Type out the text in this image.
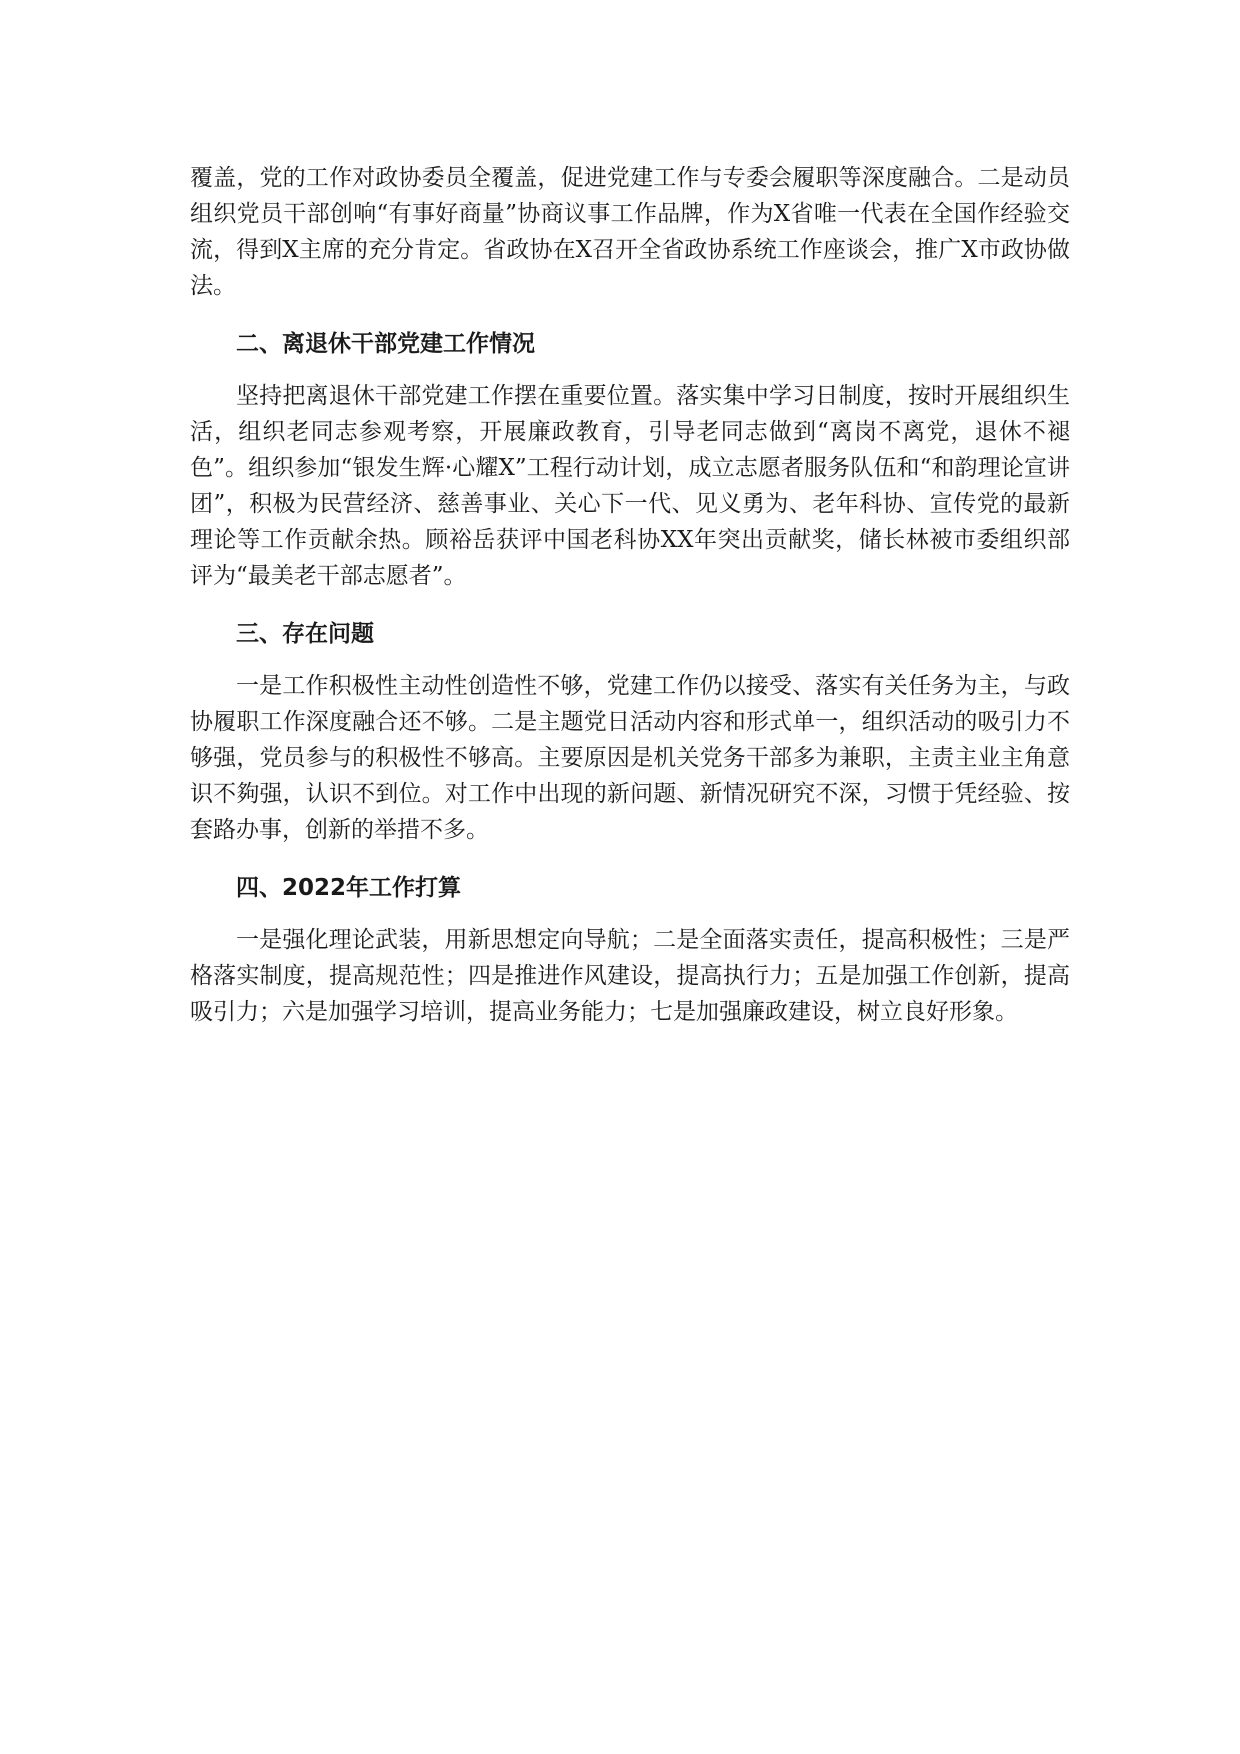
覆盖，党的工作对政协委员全覆盖，促进党建工作与专委会履职等深度融合。二是动员组织党员干部创响“有事好商量”协商议事工作品牌，作为X省唯一代表在全国作经验交流，得到X主席的充分肯定。省政协在X召开全省政协系统工作座谈会，推广X市政协做法。

二、离退休干部党建工作情况

坚持把离退休干部党建工作摆在重要位置。落实集中学习日制度，按时开展组织生活，组织老同志参观考察，开展廉政教育，引导老同志做到“离岗不离党，退休不褪色”。组织参加“银发生辉·心耀X”工程行动计划，成立志愿者服务队伍和“和韵理论宣讲团”，积极为民营经济、慈善事业、关心下一代、见义勇为、老年科协、宣传党的最新理论等工作贡献余热。顾裕岳获评中国老科协XX年突出贡献奖，储长林被市委组织部评为“最美老干部志愿者”。

三、存在问题

一是工作积极性主动性创造性不够，党建工作仍以接受、落实有关任务为主，与政协履职工作深度融合还不够。二是主题党日活动内容和形式单一，组织活动的吸引力不够强，党员参与的积极性不够高。主要原因是机关党务干部多为兼职，主责主业主角意识不夠强，认识不到位。对工作中出现的新问题、新情况研究不深，习惯于凭经验、按套路办事，创新的举措不多。

四、2022年工作打算

一是强化理论武装，用新思想定向导航；二是全面落实责任，提高积极性；三是严格落实制度，提高规范性；四是推进作风建设，提高执行力；五是加强工作创新，提高吸引力；六是加强学习培训，提高业务能力；七是加强廉政建设，树立良好形象。
